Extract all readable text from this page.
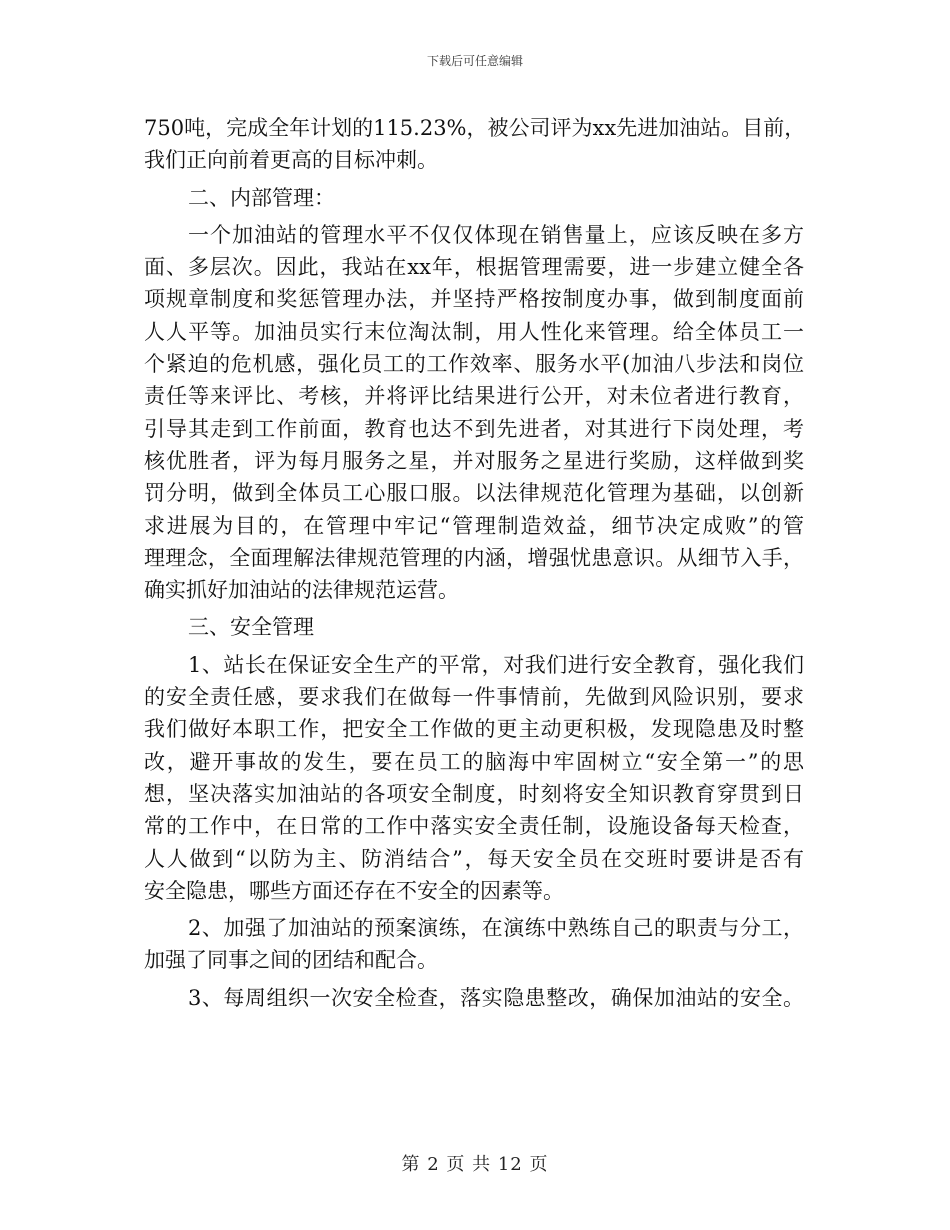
下载后可任意编辑
750吨，完成全年计划的115.23%，被公司评为xx先进加油站。目前，
我们正向前着更高的目标冲刺。
二、内部管理：
一个加油站的管理水平不仅仅体现在销售量上，应该反映在多方
面、多层次。因此，我站在xx年，根据管理需要，进一步建立健全各
项规章制度和奖惩管理办法，并坚持严格按制度办事，做到制度面前
人人平等。加油员实行末位淘汰制，用人性化来管理。给全体员工一
个紧迫的危机感，强化员工的工作效率、服务水平(加油八步法和岗位
责任等来评比、考核，并将评比结果进行公开，对未位者进行教育，
引导其走到工作前面，教育也达不到先进者，对其进行下岗处理，考
核优胜者，评为每月服务之星，并对服务之星进行奖励，这样做到奖
罚分明，做到全体员工心服口服。以法律规范化管理为基础，以创新
求进展为目的，在管理中牢记“管理制造效益，细节决定成败”的管
理理念，全面理解法律规范管理的内涵，增强忧患意识。从细节入手，
确实抓好加油站的法律规范运营。
三、安全管理
1、站长在保证安全生产的平常，对我们进行安全教育，强化我们
的安全责任感，要求我们在做每一件事情前，先做到风险识别，要求
我们做好本职工作，把安全工作做的更主动更积极，发现隐患及时整
改，避开事故的发生，要在员工的脑海中牢固树立“安全第一”的思
想，坚决落实加油站的各项安全制度，时刻将安全知识教育穿贯到日
常的工作中，在日常的工作中落实安全责任制，设施设备每天检查，
人人做到“以防为主、防消结合”，每天安全员在交班时要讲是否有
安全隐患，哪些方面还存在不安全的因素等。
2、加强了加油站的预案演练，在演练中熟练自己的职责与分工，
加强了同事之间的团结和配合。
3、每周组织一次安全检查，落实隐患整改，确保加油站的安全。
第 2 页 共 12 页
